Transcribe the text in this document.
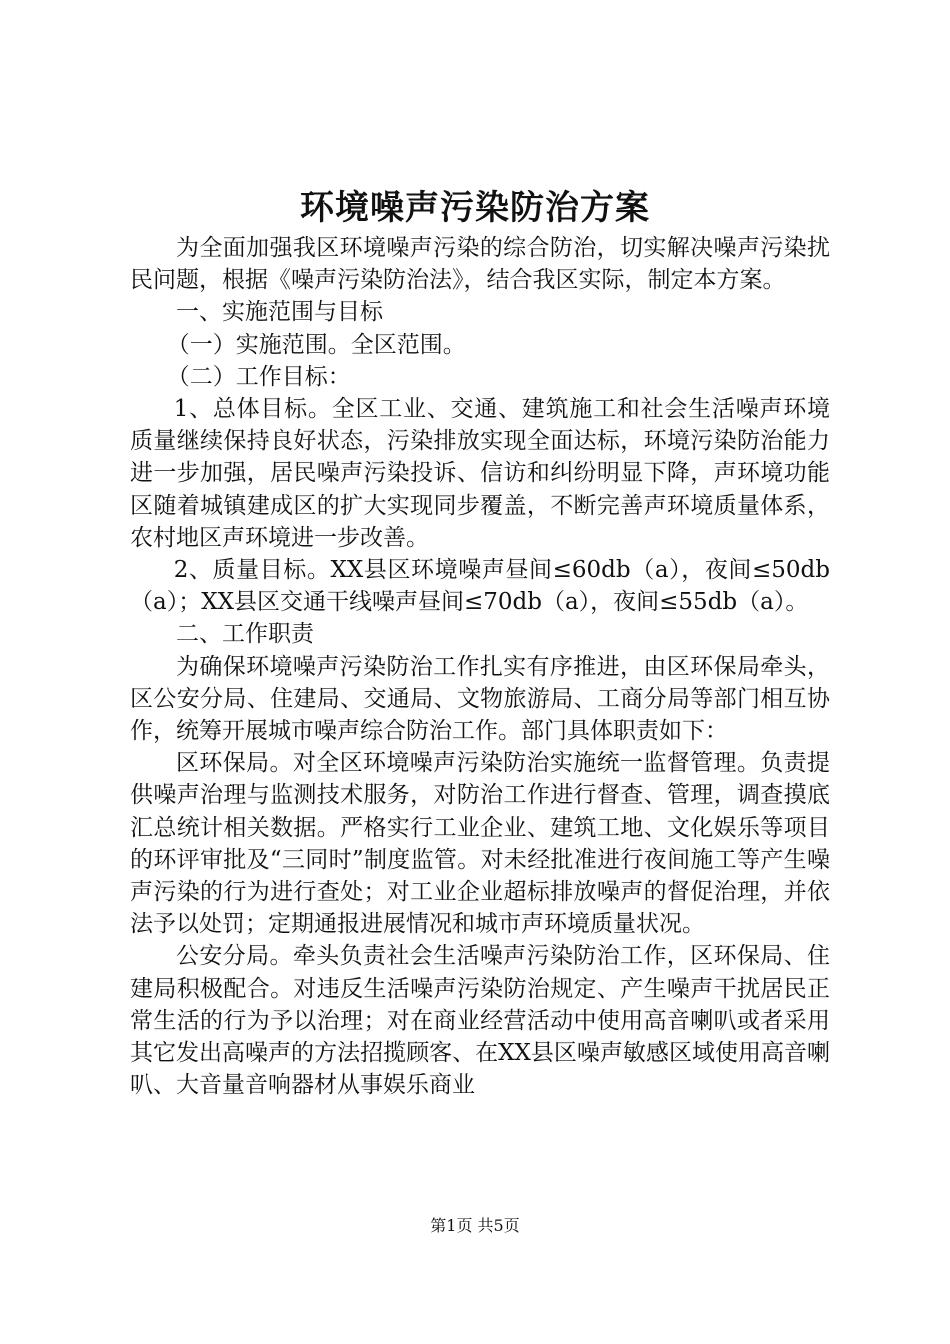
环境噪声污染防治方案

为全面加强我区环境噪声污染的综合防治，切实解决噪声污染扰民问题，根据《噪声污染防治法》，结合我区实际，制定本方案。

一、实施范围与目标

（一）实施范围。全区范围。

（二）工作目标：

1、总体目标。全区工业、交通、建筑施工和社会生活噪声环境质量继续保持良好状态，污染排放实现全面达标，环境污染防治能力进一步加强，居民噪声污染投诉、信访和纠纷明显下降，声环境功能区随着城镇建成区的扩大实现同步覆盖，不断完善声环境质量体系，农村地区声环境进一步改善。

2、质量目标。XX县区环境噪声昼间≤60db（a），夜间≤50db（a）；XX县区交通干线噪声昼间≤70db（a），夜间≤55db（a）。

二、工作职责

为确保环境噪声污染防治工作扎实有序推进，由区环保局牵头，区公安分局、住建局、交通局、文物旅游局、工商分局等部门相互协作，统筹开展城市噪声综合防治工作。部门具体职责如下：

区环保局。对全区环境噪声污染防治实施统一监督管理。负责提供噪声治理与监测技术服务，对防治工作进行督查、管理，调查摸底汇总统计相关数据。严格实行工业企业、建筑工地、文化娱乐等项目的环评审批及“三同时”制度监管。对未经批准进行夜间施工等产生噪声污染的行为进行查处；对工业企业超标排放噪声的督促治理，并依法予以处罚；定期通报进展情况和城市声环境质量状况。

公安分局。牵头负责社会生活噪声污染防治工作，区环保局、住建局积极配合。对违反生活噪声污染防治规定、产生噪声干扰居民正常生活的行为予以治理；对在商业经营活动中使用高音喇叭或者采用其它发出高噪声的方法招揽顾客、在XX县区噪声敏感区域使用高音喇叭、大音量音响器材从事娱乐商业

第1页 共5页
